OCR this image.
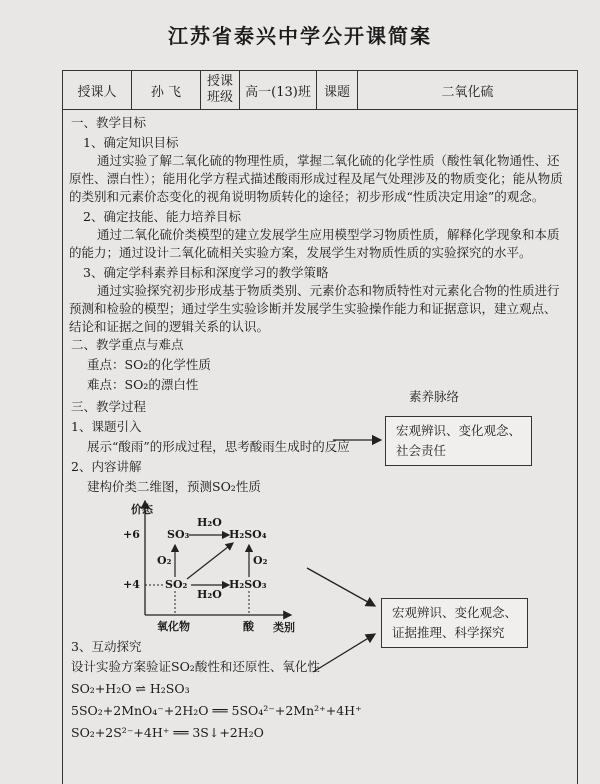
江苏省泰兴中学公开课简案
授课人	孙 飞	授课班级	高一(13)班	课题	二氧化硫
一、教学目标
1、确定知识目标
通过实验了解二氧化硫的物理性质，掌握二氧化硫的化学性质（酸性氧化物通性、还原性、漂白性）；能用化学方程式描述酸雨形成过程及尾气处理涉及的物质变化；能从物质的类别和元素价态变化的视角说明物质转化的途径；初步形成“性质决定用途”的观念。
2、确定技能、能力培养目标
通过二氧化硫价类模型的建立发展学生应用模型学习物质性质，解释化学现象和本质的能力；通过设计二氧化硫相关实验方案，发展学生对物质性质的实验探究的水平。
3、确定学科素养目标和深度学习的教学策略
通过实验探究初步形成基于物质类别、元素价态和物质特性对元素化合物的性质进行预测和检验的模型；通过学生实验诊断并发展学生实验操作能力和证据意识，建立观点、结论和证据之间的逻辑关系的认识。
二、教学重点与难点
重点：SO₂的化学性质
难点：SO₂的漂白性
三、教学过程
素养脉络
1、课题引入
展示“酸雨”的形成过程，思考酸雨生成时的反应
宏观辨识、变化观念、
社会责任
2、内容讲解
建构价类二维图，预测SO₂性质
宏观辨识、变化观念、
证据推理、科学探究
价态
类别
+6
+4
氧化物	酸
SO₃	H₂SO₄
SO₂	H₂SO₃
H₂O
H₂O
O₂	O₂
3、互动探究
设计实验方案验证SO₂酸性和还原性、氧化性
SO₂+H₂O ⇌ H₂SO₃
5SO₂+2MnO₄⁻+2H₂O ══ 5SO₄²⁻+2Mn²⁺+4H⁺
SO₂+2S²⁻+4H⁺ ══ 3S↓+2H₂O
